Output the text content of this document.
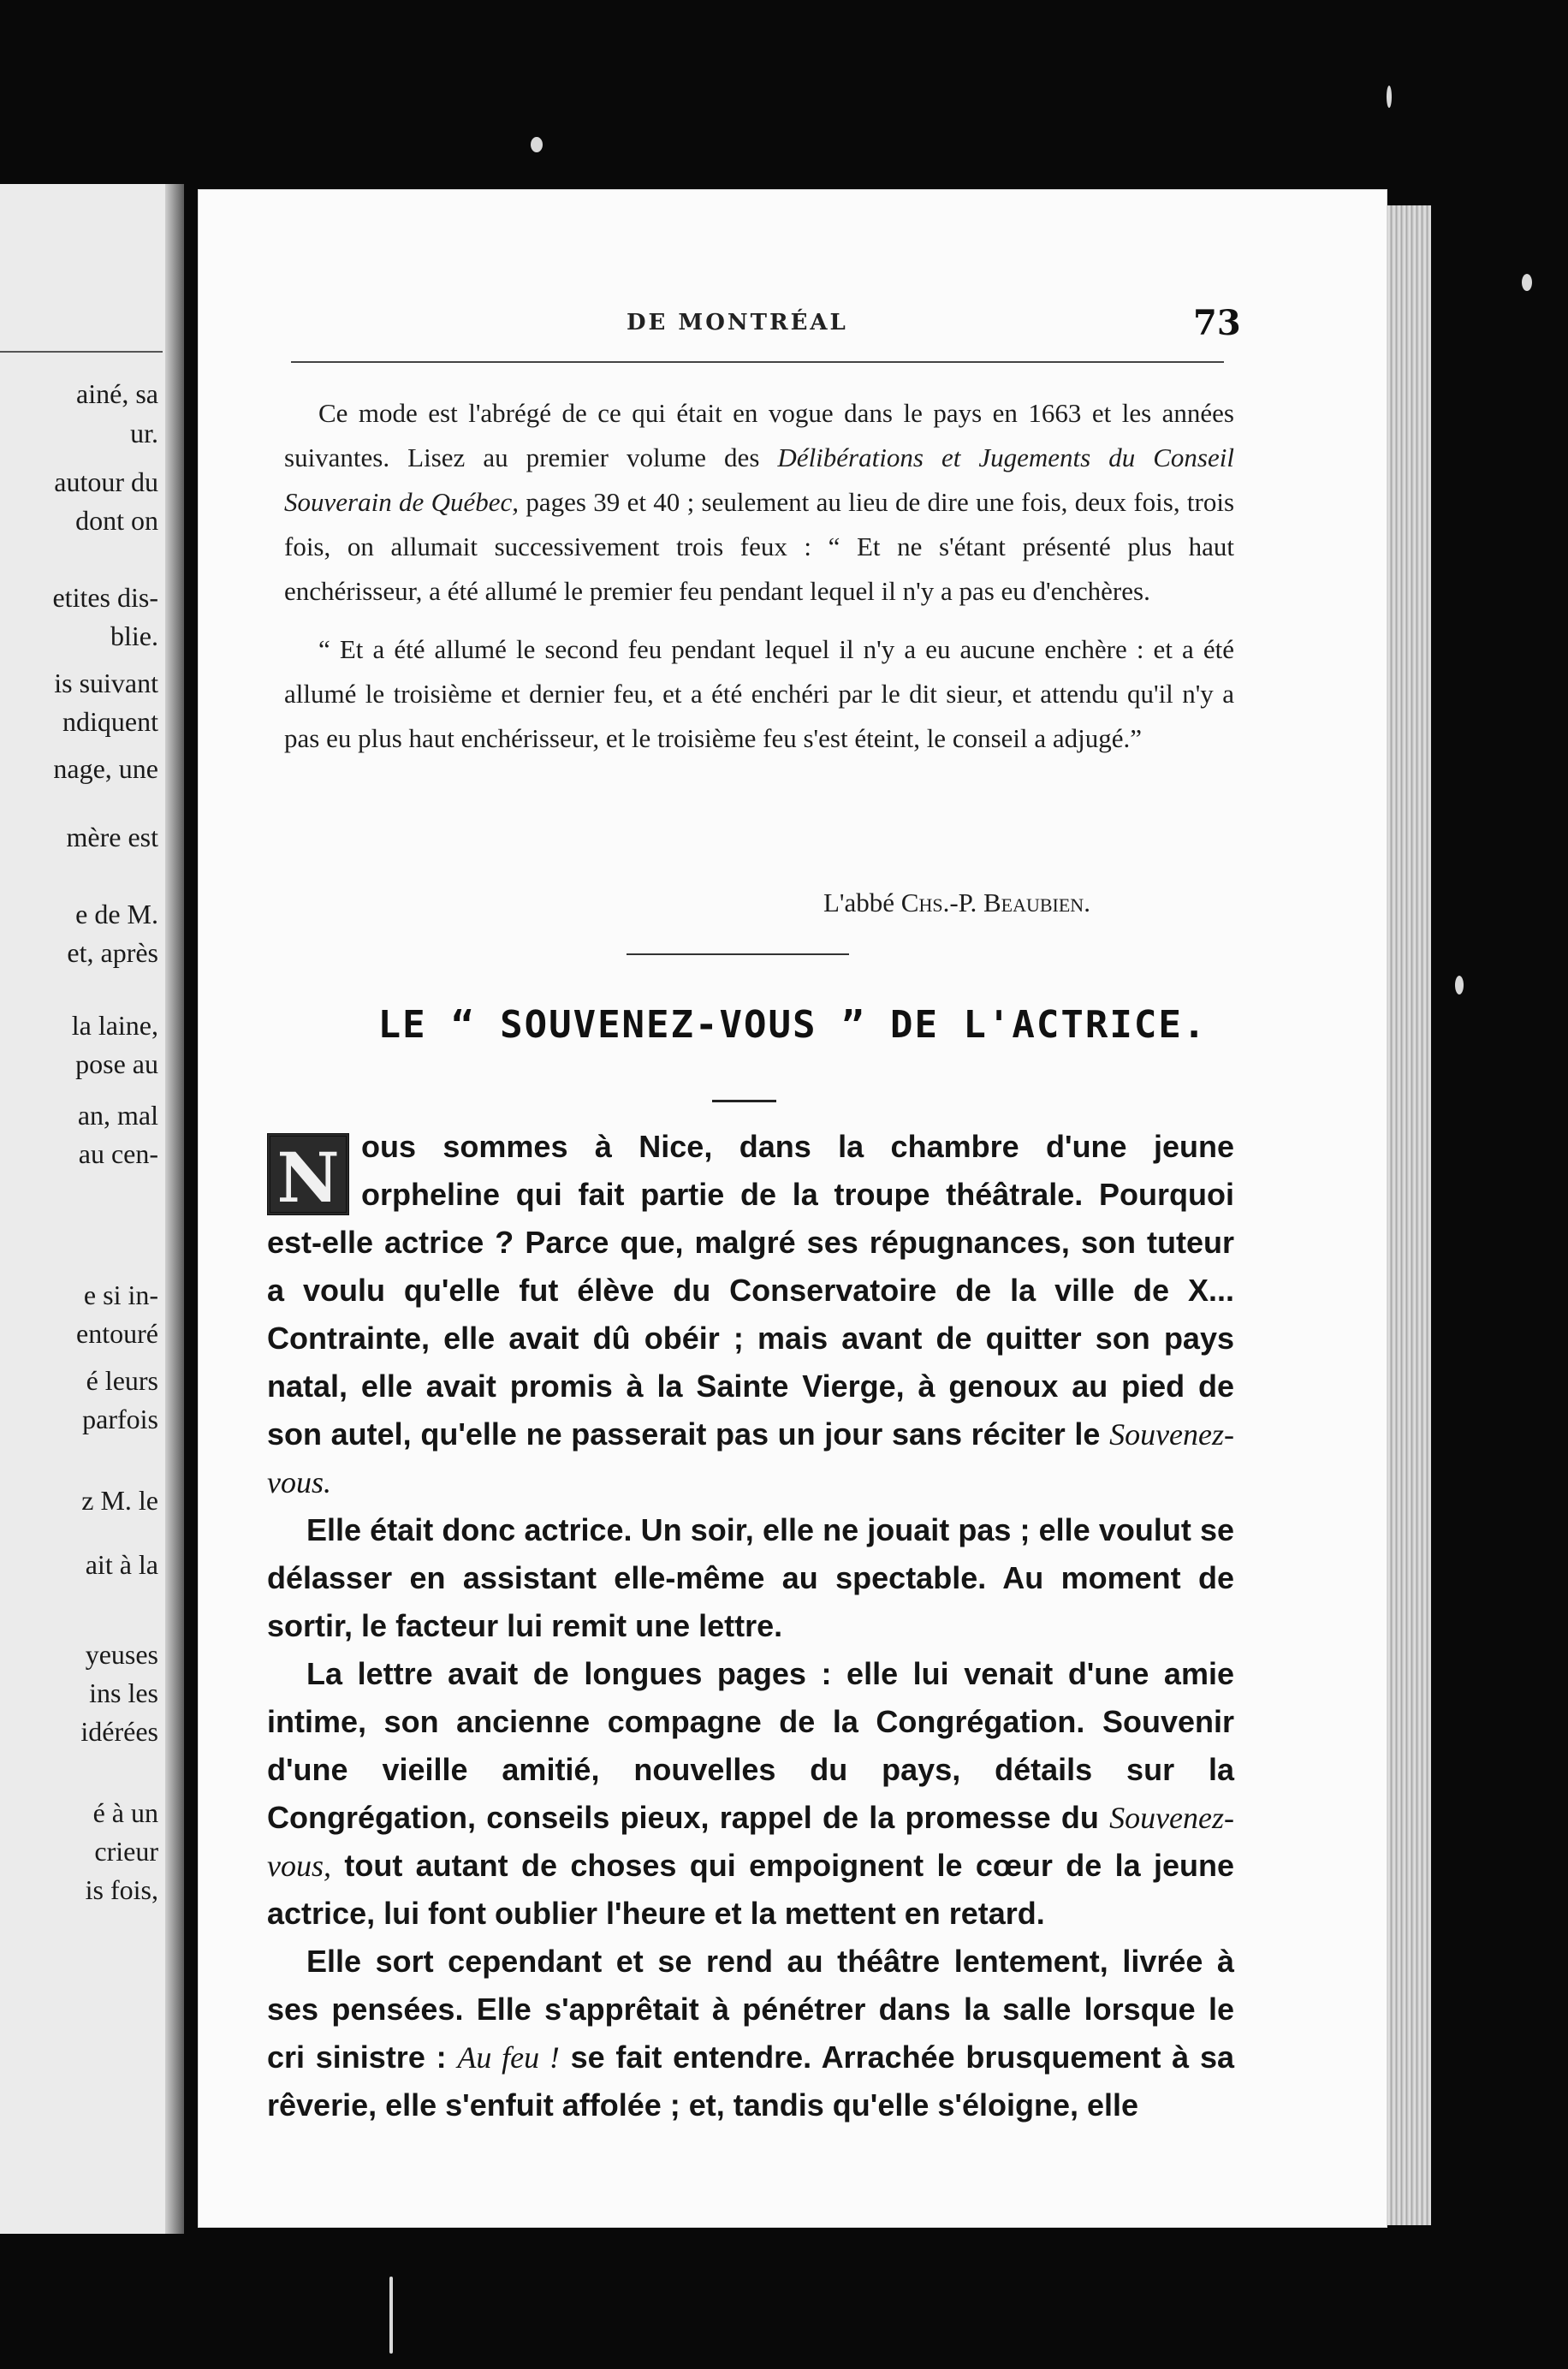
ainé, sa
ur.
autour du
dont on
etites dis-
blie.
is suivant
ndiquent
nage, une
mère est
e de M.
et, après
la laine,
pose au
an, mal
au cen-
e si in-
entouré
é leurs
parfois
z M. le
ait à la
yeuses
ins les
idérées
é à un
crieur
is fois,
DE MONTRÉAL	73

Ce mode est l'abrégé de ce qui était en vogue dans le pays en 1663 et les années suivantes. Lisez au premier volume des Délibérations et Jugements du Conseil Souverain de Québec, pages 39 et 40 ; seulement au lieu de dire une fois, deux fois, trois fois, on allumait successivement trois feux : “ Et ne s'étant présenté plus haut enchérisseur, a été allumé le premier feu pendant lequel il n'y a pas eu d'enchères.

“ Et a été allumé le second feu pendant lequel il n'y a eu aucune enchère : et a été allumé le troisième et dernier feu, et a été enchéri par le dit sieur, et attendu qu'il n'y a pas eu plus haut enchérisseur, et le troisième feu s'est éteint, le conseil a adjugé.”

L'abbé Chs.-P. Beaubien.
LE “ SOUVENEZ-VOUS ” DE L'ACTRICE.

N ous sommes à Nice, dans la chambre d'une jeune orpheline qui fait partie de la troupe théâtrale. Pourquoi est-elle actrice ? Parce que, malgré ses répugnances, son tuteur a voulu qu'elle fut élève du Conservatoire de la ville de X... Contrainte, elle avait dû obéir ; mais avant de quitter son pays natal, elle avait promis à la Sainte Vierge, à genoux au pied de son autel, qu'elle ne passerait pas un jour sans réciter le Souvenez-vous.

Elle était donc actrice. Un soir, elle ne jouait pas ; elle voulut se délasser en assistant elle-même au spectable. Au moment de sortir, le facteur lui remit une lettre.

La lettre avait de longues pages : elle lui venait d'une amie intime, son ancienne compagne de la Congrégation. Souvenir d'une vieille amitié, nouvelles du pays, détails sur la Congrégation, conseils pieux, rappel de la promesse du Souvenez-vous, tout autant de choses qui empoignent le cœur de la jeune actrice, lui font oublier l'heure et la mettent en retard.

Elle sort cependant et se rend au théâtre lentement, livrée à ses pensées. Elle s'apprêtait à pénétrer dans la salle lorsque le cri sinistre : Au feu ! se fait entendre. Arrachée brusquement à sa rêverie, elle s'enfuit affolée ; et, tandis qu'elle s'éloigne, elle
